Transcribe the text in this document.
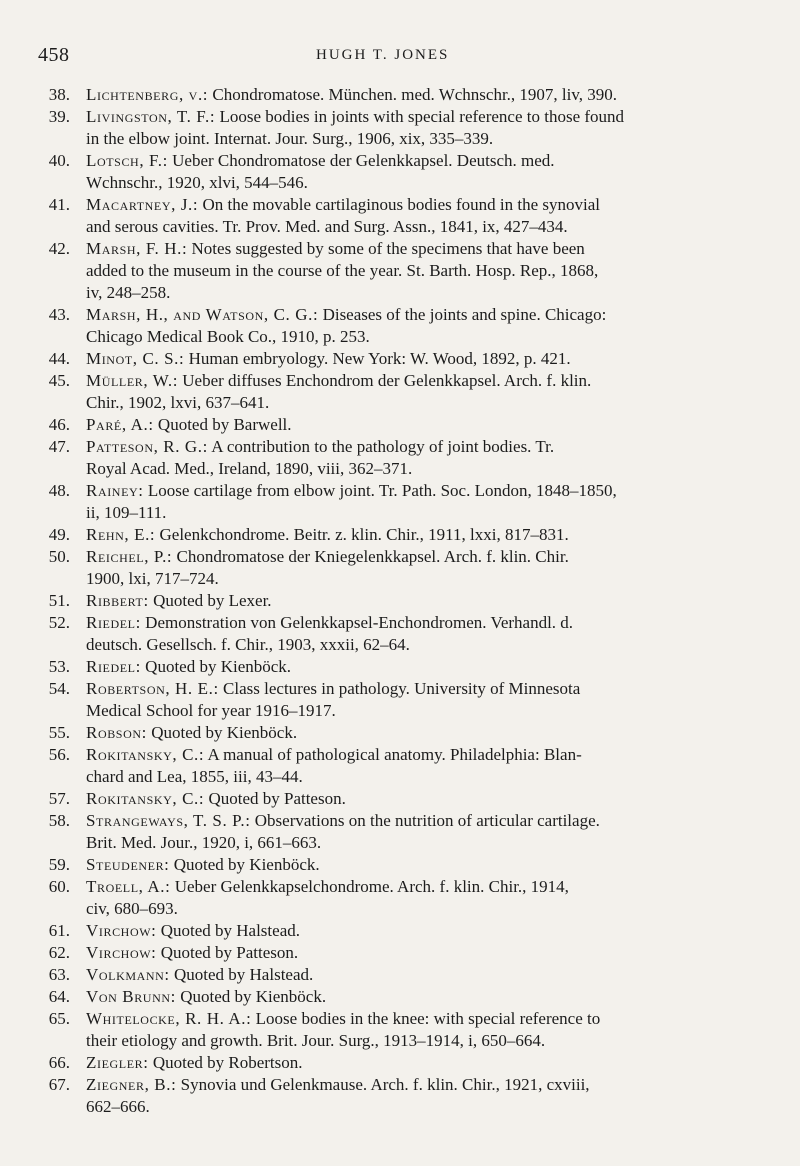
458	HUGH T. JONES
38. Lichtenberg, v.: Chondromatose. München. med. Wchnschr., 1907, liv, 390.
39. Livingston, T. F.: Loose bodies in joints with special reference to those found
in the elbow joint. Internat. Jour. Surg., 1906, xix, 335–339.
40. Lotsch, F.: Ueber Chondromatose der Gelenkkapsel. Deutsch. med.
Wchnschr., 1920, xlvi, 544–546.
41. Macartney, J.: On the movable cartilaginous bodies found in the synovial
and serous cavities. Tr. Prov. Med. and Surg. Assn., 1841, ix, 427–434.
42. Marsh, F. H.: Notes suggested by some of the specimens that have been
added to the museum in the course of the year. St. Barth. Hosp. Rep., 1868,
iv, 248–258.
43. Marsh, H., and Watson, C. G.: Diseases of the joints and spine. Chicago:
Chicago Medical Book Co., 1910, p. 253.
44. Minot, C. S.: Human embryology. New York: W. Wood, 1892, p. 421.
45. Müller, W.: Ueber diffuses Enchondrom der Gelenkkapsel. Arch. f. klin.
Chir., 1902, lxvi, 637–641.
46. Paré, A.: Quoted by Barwell.
47. Patteson, R. G.: A contribution to the pathology of joint bodies. Tr.
Royal Acad. Med., Ireland, 1890, viii, 362–371.
48. Rainey: Loose cartilage from elbow joint. Tr. Path. Soc. London, 1848–1850,
ii, 109–111.
49. Rehn, E.: Gelenkchondrome. Beitr. z. klin. Chir., 1911, lxxi, 817–831.
50. Reichel, P.: Chondromatose der Kniegelenkkapsel. Arch. f. klin. Chir.
1900, lxi, 717–724.
51. Ribbert: Quoted by Lexer.
52. Riedel: Demonstration von Gelenkkapsel-Enchondromen. Verhandl. d.
deutsch. Gesellsch. f. Chir., 1903, xxxii, 62–64.
53. Riedel: Quoted by Kienböck.
54. Robertson, H. E.: Class lectures in pathology. University of Minnesota
Medical School for year 1916–1917.
55. Robson: Quoted by Kienböck.
56. Rokitansky, C.: A manual of pathological anatomy. Philadelphia: Blan-
chard and Lea, 1855, iii, 43–44.
57. Rokitansky, C.: Quoted by Patteson.
58. Strangeways, T. S. P.: Observations on the nutrition of articular cartilage.
Brit. Med. Jour., 1920, i, 661–663.
59. Steudener: Quoted by Kienböck.
60. Troell, A.: Ueber Gelenkkapselchondrome. Arch. f. klin. Chir., 1914,
civ, 680–693.
61. Virchow: Quoted by Halstead.
62. Virchow: Quoted by Patteson.
63. Volkmann: Quoted by Halstead.
64. Von Brunn: Quoted by Kienböck.
65. Whitelocke, R. H. A.: Loose bodies in the knee: with special reference to
their etiology and growth. Brit. Jour. Surg., 1913–1914, i, 650–664.
66. Ziegler: Quoted by Robertson.
67. Ziegner, B.: Synovia und Gelenkmause. Arch. f. klin. Chir., 1921, cxviii,
662–666.
